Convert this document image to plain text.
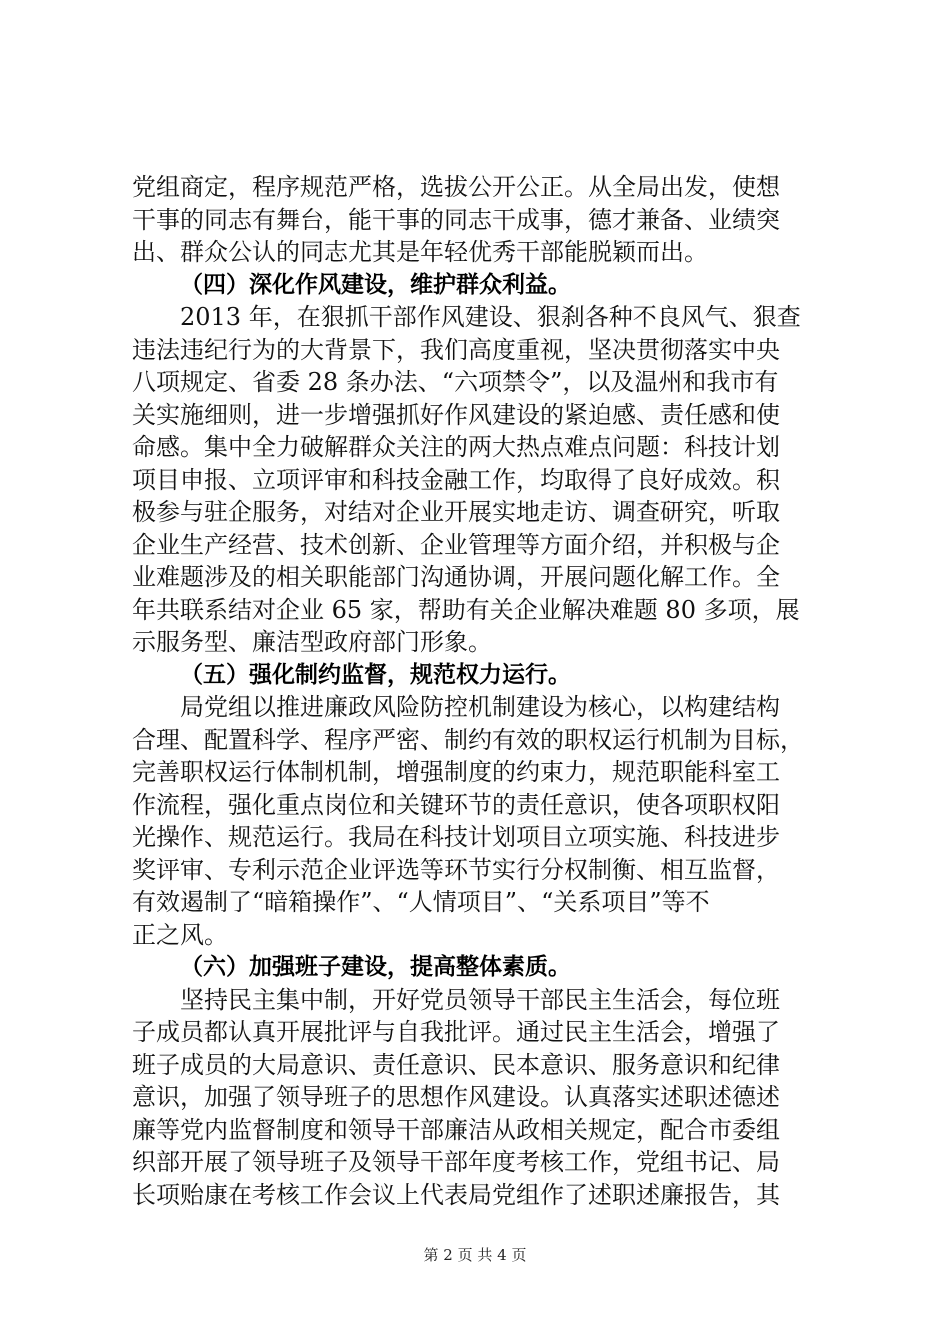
党组商定，程序规范严格，选拔公开公正。从全局出发，使想
干事的同志有舞台，能干事的同志干成事，德才兼备、业绩突
出、群众公认的同志尤其是年轻优秀干部能脱颖而出。

（四）深化作风建设，维护群众利益。

2013 年，在狠抓干部作风建设、狠刹各种不良风气、狠查
违法违纪行为的大背景下，我们高度重视，坚决贯彻落实中央
八项规定、省委 28 条办法、“六项禁令”，以及温州和我市有
关实施细则，进一步增强抓好作风建设的紧迫感、责任感和使
命感。集中全力破解群众关注的两大热点难点问题：科技计划
项目申报、立项评审和科技金融工作，均取得了良好成效。积
极参与驻企服务，对结对企业开展实地走访、调查研究，听取
企业生产经营、技术创新、企业管理等方面介绍，并积极与企
业难题涉及的相关职能部门沟通协调，开展问题化解工作。全
年共联系结对企业 65 家，帮助有关企业解决难题 80 多项，展
示服务型、廉洁型政府部门形象。

（五）强化制约监督，规范权力运行。

局党组以推进廉政风险防控机制建设为核心，以构建结构
合理、配置科学、程序严密、制约有效的职权运行机制为目标，
完善职权运行体制机制，增强制度的约束力，规范职能科室工
作流程，强化重点岗位和关键环节的责任意识，使各项职权阳
光操作、规范运行。我局在科技计划项目立项实施、科技进步
奖评审、专利示范企业评选等环节实行分权制衡、相互监督，
有效遏制了“暗箱操作”、“人情项目”、“关系项目”等不
正之风。

（六）加强班子建设，提高整体素质。

坚持民主集中制，开好党员领导干部民主生活会，每位班
子成员都认真开展批评与自我批评。通过民主生活会，增强了
班子成员的大局意识、责任意识、民本意识、服务意识和纪律
意识，加强了领导班子的思想作风建设。认真落实述职述德述
廉等党内监督制度和领导干部廉洁从政相关规定，配合市委组
织部开展了领导班子及领导干部年度考核工作，党组书记、局
长项贻康在考核工作会议上代表局党组作了述职述廉报告，其

第 2 页 共 4 页
